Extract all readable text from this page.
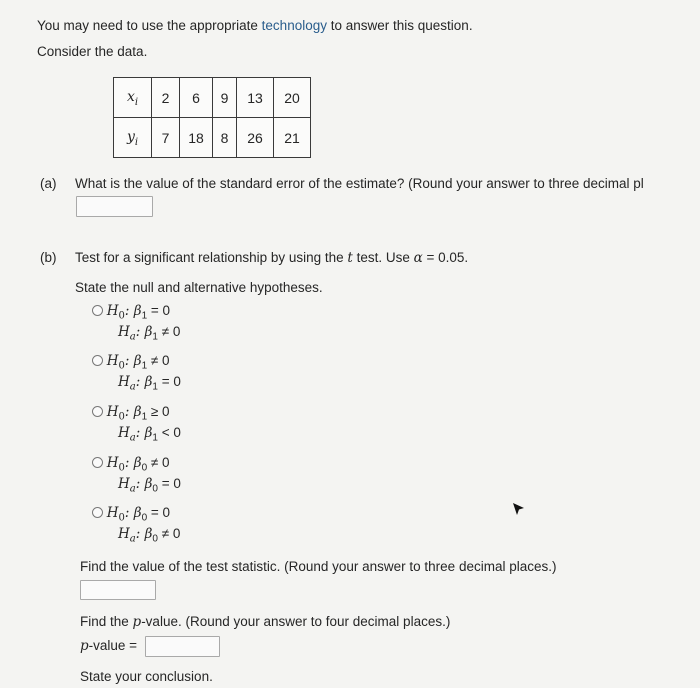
You may need to use the appropriate technology to answer this question.
Consider the data.
$x_i$	2	6	9	13	20
$y_i$	7	18	8	26	21
(a) What is the value of the standard error of the estimate? (Round your answer to three decimal pl
(b) Test for a significant relationship by using the t test. Use α = 0.05.
State the null and alternative hypotheses.
$H_0$: $\beta_1 = 0$
$H_a$: $\beta_1 \ne 0$
$H_0$: $\beta_1 \ne 0$
$H_a$: $\beta_1 = 0$
$H_0$: $\beta_1 \ge 0$
$H_a$: $\beta_1 < 0$
$H_0$: $\beta_0 \ne 0$
$H_a$: $\beta_0 = 0$
$H_0$: $\beta_0 = 0$
$H_a$: $\beta_0 \ne 0$
Find the value of the test statistic. (Round your answer to three decimal places.)
Find the p-value. (Round your answer to four decimal places.)
p-value =
State your conclusion.
